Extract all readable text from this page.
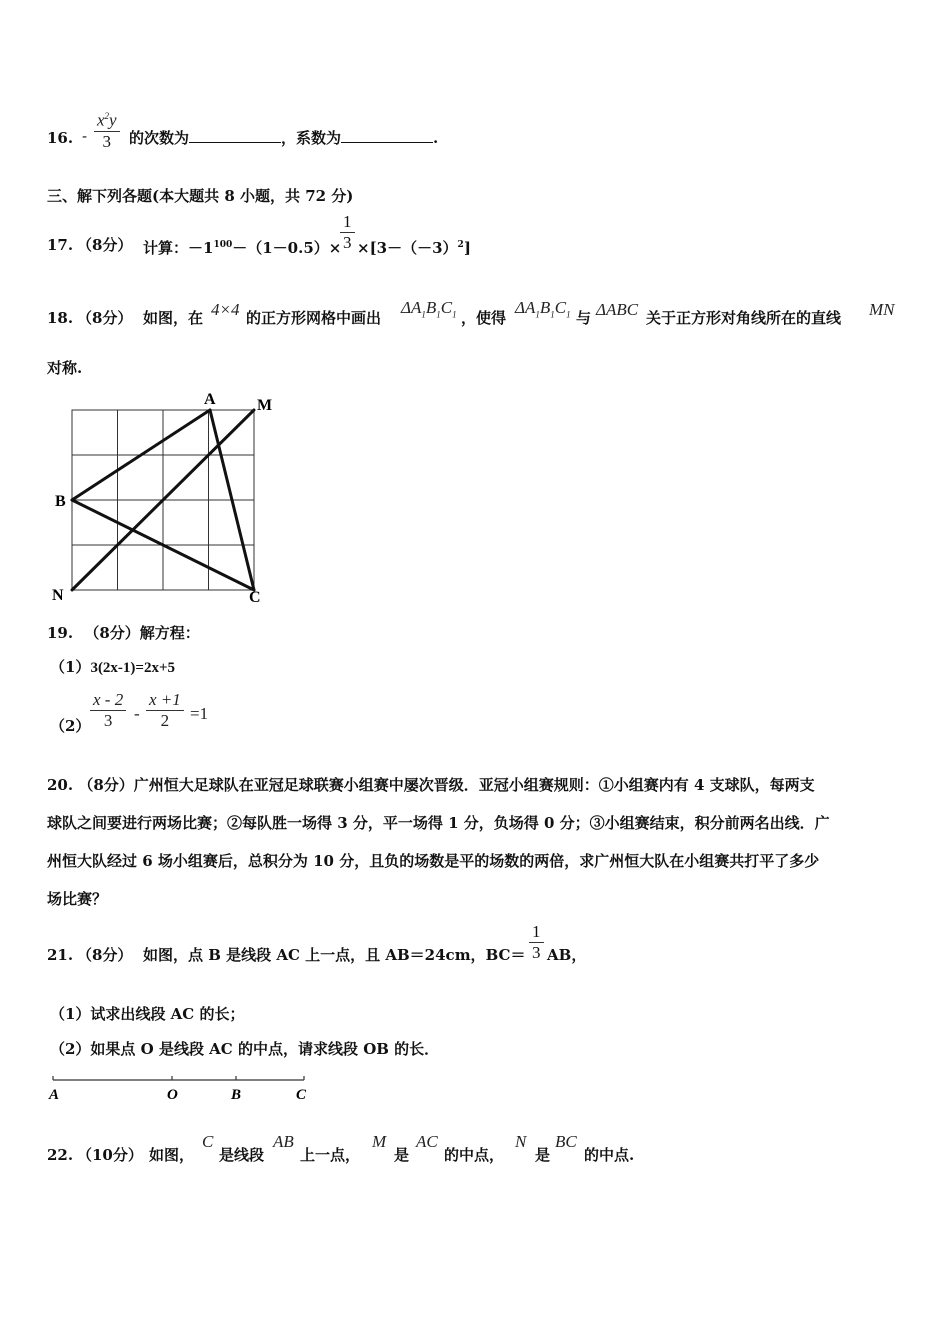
16. - $\frac{x^2y}{3}$ 的次数为	，系数为	.
三、解下列各题(本大题共 8 小题，共 72 分)
17. （8分） 计算：$-1^{100}-(1-0.5)\times$
$\frac{1}{3} \times[3-(-3)^2]$
18. （8分） 如图，在 4×4 的正方形网格中画出
$\Delta A_1B_1C_1$ ，使得
$\Delta A_1B_1C_1$ 与 ΔABC 关于正方形对角线所在的直线 MN
对称.
A	M
B
N	C
19. （8分）解方程：
（1）3(2x-1)=2x+5
$(2) \frac{x - 2}{3} - \frac{x +1}{2} =1$
20. （8分）广州恒大足球队在亚冠足球联赛小组赛中屡次晋级．亚冠小组赛规则：①小组赛内有 4 支球队，每两支
球队之间要进行两场比赛；②每队胜一场得 3 分，平一场得 1 分，负场得 0 分；③小组赛结束，积分前两名出线．广
州恒大队经过 6 场小组赛后，总积分为 10 分，且负的场数是平的场数的两倍，求广州恒大队在小组赛共打平了多少
场比赛？
21. （8分） 如图，点 B 是线段 AC 上一点，且 AB＝24cm，$BC= \frac{1}{3}$ AB，
（1）试求出线段 AC 的长；
（2）如果点 O 是线段 AC 的中点，请求线段 OB 的长．
A	O	B	C
22. （10分） 如图，
C
是线段
AB
上一点，
M
是
AC
的中点，
N
是
BC
的中点.
